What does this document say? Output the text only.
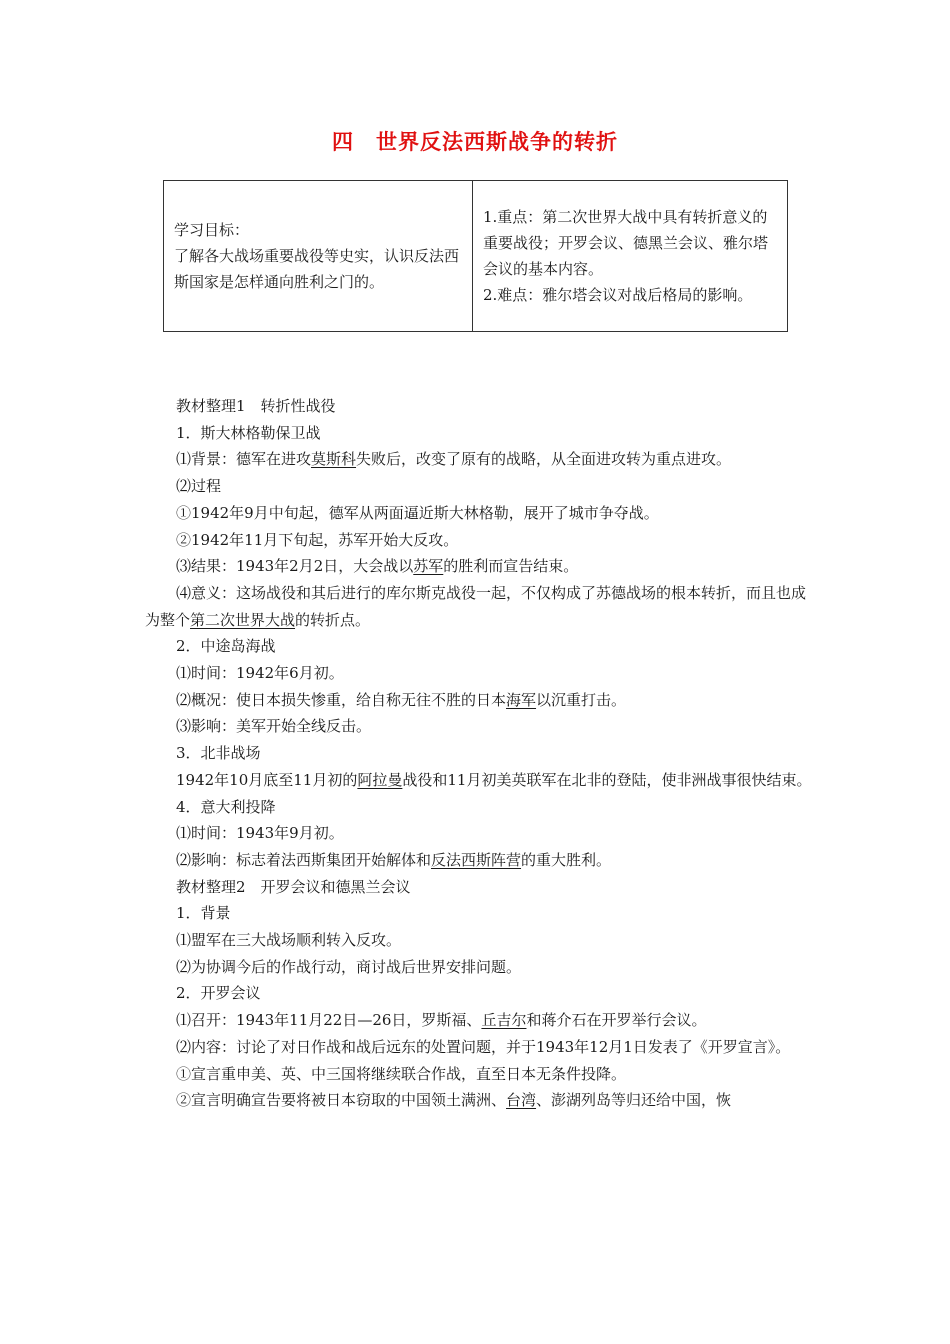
四 世界反法西斯战争的转折
学习目标：
了解各大战场重要战役等史实，认识反法西斯国家是怎样通向胜利之门的。

1.重点：第二次世界大战中具有转折意义的重要战役；开罗会议、德黑兰会议、雅尔塔会议的基本内容。
2.难点：雅尔塔会议对战后格局的影响。

教材整理1　转折性战役

1．斯大林格勒保卫战

⑴背景：德军在进攻莫斯科失败后，改变了原有的战略，从全面进攻转为重点进攻。

⑵过程

①1942年9月中旬起，德军从两面逼近斯大林格勒，展开了城市争夺战。

②1942年11月下旬起，苏军开始大反攻。

⑶结果：1943年2月2日，大会战以苏军的胜利而宣告结束。

⑷意义：这场战役和其后进行的库尔斯克战役一起，不仅构成了苏德战场的根本转折，而且也成为整个第二次世界大战的转折点。

2．中途岛海战

⑴时间：1942年6月初。

⑵概况：使日本损失惨重，给自称无往不胜的日本海军以沉重打击。

⑶影响：美军开始全线反击。

3．北非战场

1942年10月底至11月初的阿拉曼战役和11月初美英联军在北非的登陆，使非洲战事很快结束。

4．意大利投降

⑴时间：1943年9月初。

⑵影响：标志着法西斯集团开始解体和反法西斯阵营的重大胜利。

教材整理2　开罗会议和德黑兰会议

1．背景

⑴盟军在三大战场顺利转入反攻。

⑵为协调今后的作战行动，商讨战后世界安排问题。

2．开罗会议

⑴召开：1943年11月22日—26日，罗斯福、丘吉尔和蒋介石在开罗举行会议。

⑵内容：讨论了对日作战和战后远东的处置问题，并于1943年12月1日发表了《开罗宣言》。

①宣言重申美、英、中三国将继续联合作战，直至日本无条件投降。

②宣言明确宣告要将被日本窃取的中国领土满洲、台湾、澎湖列岛等归还给中国，恢
